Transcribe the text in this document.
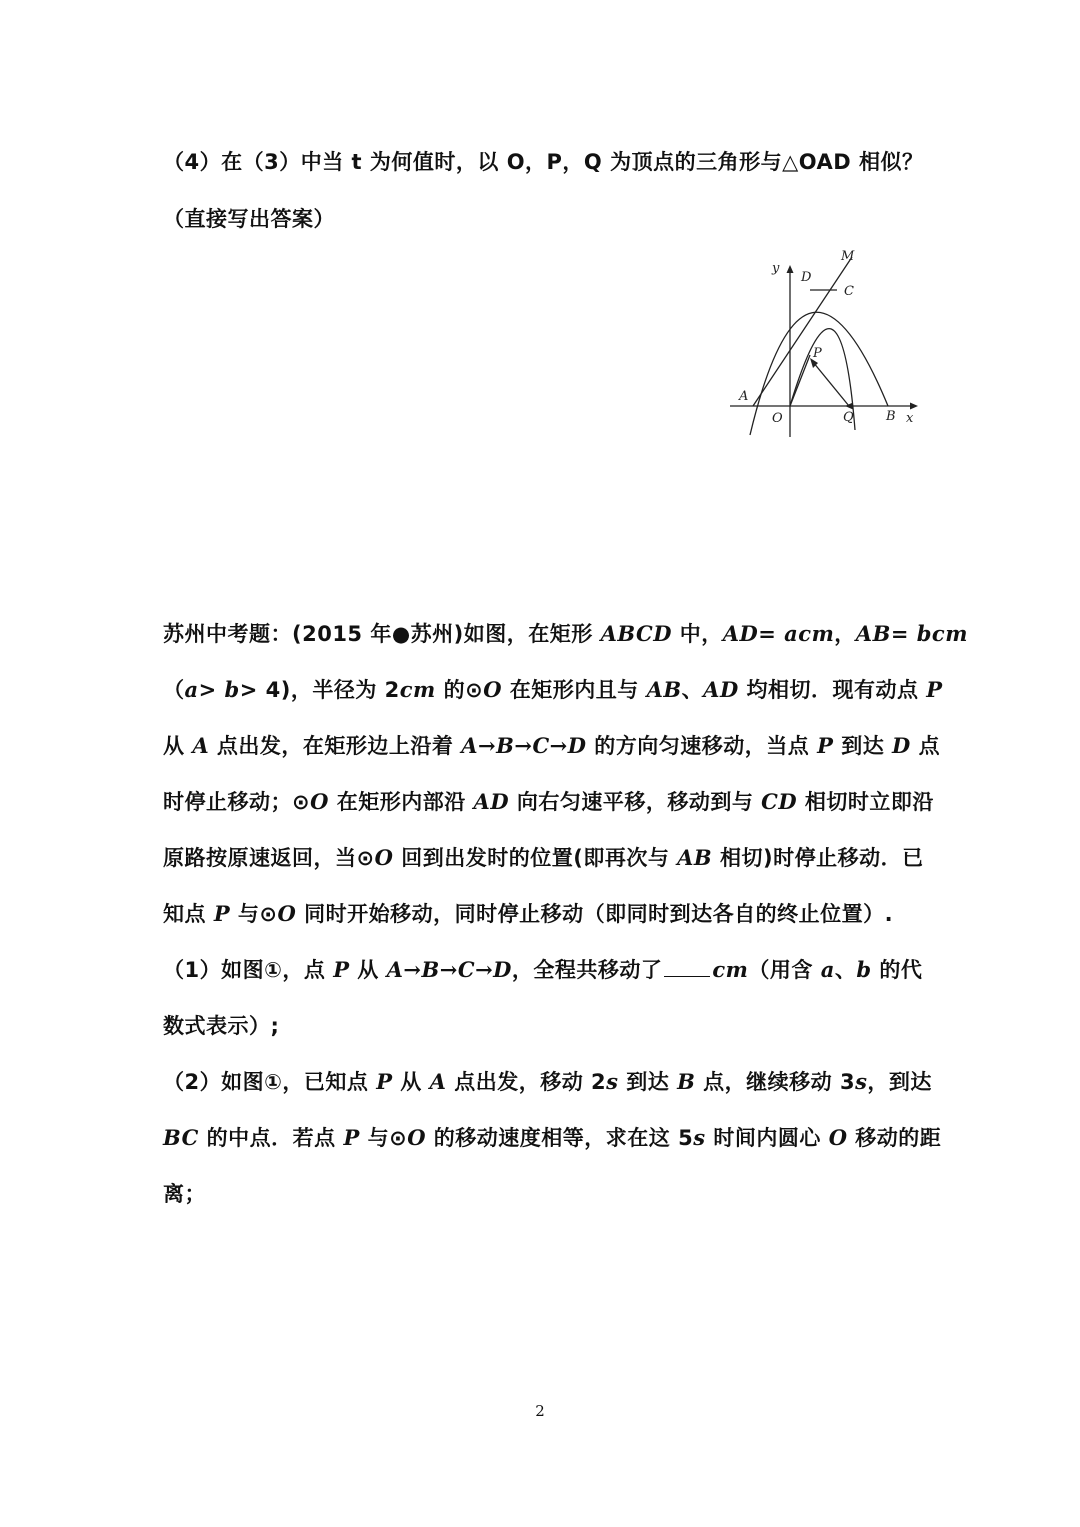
（4）在（3）中当 t 为何值时，以 O，P，Q 为顶点的三角形与△OAD 相似？
（直接写出答案）
y
D
M
C
P
A
O	Q B x
苏州中考题：(2015 年●苏州)如图，在矩形 ABCD 中，AD= acm，AB= bcm
（a> b> 4)，半径为 2cm 的⊙O 在矩形内且与 AB、AD 均相切．现有动点 P
从 A 点出发，在矩形边上沿着 A→B→C→D 的方向匀速移动，当点 P 到达 D 点
时停止移动；⊙O 在矩形内部沿 AD 向右匀速平移，移动到与 CD 相切时立即沿
原路按原速返回，当⊙O 回到出发时的位置(即再次与 AB 相切)时停止移动．已
知点 P 与⊙O 同时开始移动，同时停止移动（即同时到达各自的终止位置）.
（1）如图①，点 P 从 A→B→C→D，全程共移动了 cm（用含 a、b 的代
数式表示）;
（2）如图①，已知点 P 从 A 点出发，移动 2s 到达 B 点，继续移动 3s，到达
BC 的中点．若点 P 与⊙O 的移动速度相等，求在这 5s 时间内圆心 O 移动的距
离；
2
